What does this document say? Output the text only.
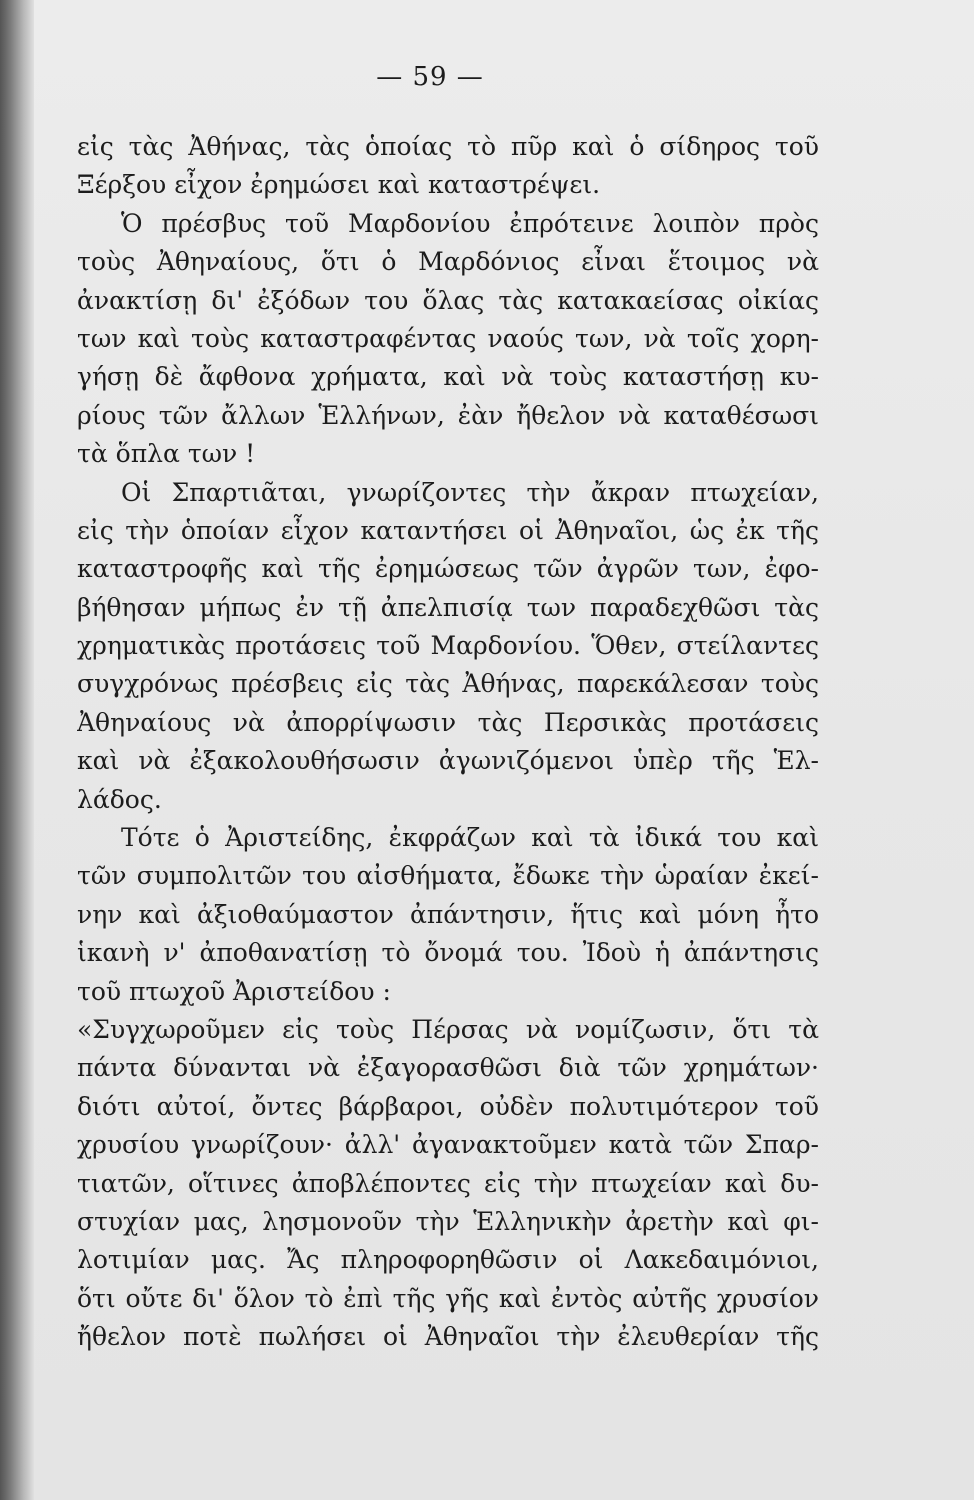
— 59 —
εἰς τὰς Ἀθήνας, τὰς ὁποίας τὸ πῦρ καὶ ὁ σίδηρος τοῦ
Ξέρξου εἶχον ἐρημώσει καὶ καταστρέψει.
Ὁ πρέσβυς τοῦ Μαρδονίου ἐπρότεινε λοιπὸν πρὸς
τοὺς Ἀθηναίους, ὅτι ὁ Μαρδόνιος εἶναι ἕτοιμος νὰ
ἀνακτίσῃ δι' ἐξόδων του ὅλας τὰς κατακαείσας οἰκίας
των καὶ τοὺς καταστραφέντας ναούς των, νὰ τοῖς χορη-
γήσῃ δὲ ἄφθονα χρήματα, καὶ νὰ τοὺς καταστήσῃ κυ-
ρίους τῶν ἄλλων Ἑλλήνων, ἐὰν ἤθελον νὰ καταθέσωσι
τὰ ὅπλα των !
Οἱ Σπαρτιᾶται, γνωρίζοντες τὴν ἄκραν πτωχείαν,
εἰς τὴν ὁποίαν εἶχον καταντήσει οἱ Ἀθηναῖοι, ὡς ἐκ τῆς
καταστροφῆς καὶ τῆς ἐρημώσεως τῶν ἀγρῶν των, ἐφο-
βήθησαν μήπως ἐν τῇ ἀπελπισίᾳ των παραδεχθῶσι τὰς
χρηματικὰς προτάσεις τοῦ Μαρδονίου. Ὅθεν, στείλαντες
συγχρόνως πρέσβεις εἰς τὰς Ἀθήνας, παρεκάλεσαν τοὺς
Ἀθηναίους νὰ ἀπορρίψωσιν τὰς Περσικὰς προτάσεις
καὶ νὰ ἐξακολουθήσωσιν ἀγωνιζόμενοι ὑπὲρ τῆς Ἑλ-
λάδος.
Τότε ὁ Ἀριστείδης, ἐκφράζων καὶ τὰ ἰδικά του καὶ
τῶν συμπολιτῶν του αἰσθήματα, ἔδωκε τὴν ὡραίαν ἐκεί-
νην καὶ ἀξιοθαύμαστον ἀπάντησιν, ἥτις καὶ μόνη ἦτο
ἱκανὴ ν' ἀποθανατίσῃ τὸ ὄνομά του. Ἰδοὺ ἡ ἀπάντησις
τοῦ πτωχοῦ Ἀριστείδου :
«Συγχωροῦμεν εἰς τοὺς Πέρσας νὰ νομίζωσιν, ὅτι τὰ
πάντα δύνανται νὰ ἐξαγορασθῶσι διὰ τῶν χρημάτων·
διότι αὐτοί, ὄντες βάρβαροι, οὐδὲν πολυτιμότερον τοῦ
χρυσίου γνωρίζουν· ἀλλ' ἀγανακτοῦμεν κατὰ τῶν Σπαρ-
τιατῶν, οἵτινες ἀποβλέποντες εἰς τὴν πτωχείαν καὶ δυ-
στυχίαν μας, λησμονοῦν τὴν Ἑλληνικὴν ἀρετὴν καὶ φι-
λοτιμίαν μας. Ἄς πληροφορηθῶσιν οἱ Λακεδαιμόνιοι,
ὅτι οὔτε δι' ὅλον τὸ ἐπὶ τῆς γῆς καὶ ἐντὸς αὐτῆς χρυσίον
ἤθελον ποτὲ πωλήσει οἱ Ἀθηναῖοι τὴν ἐλευθερίαν τῆς
